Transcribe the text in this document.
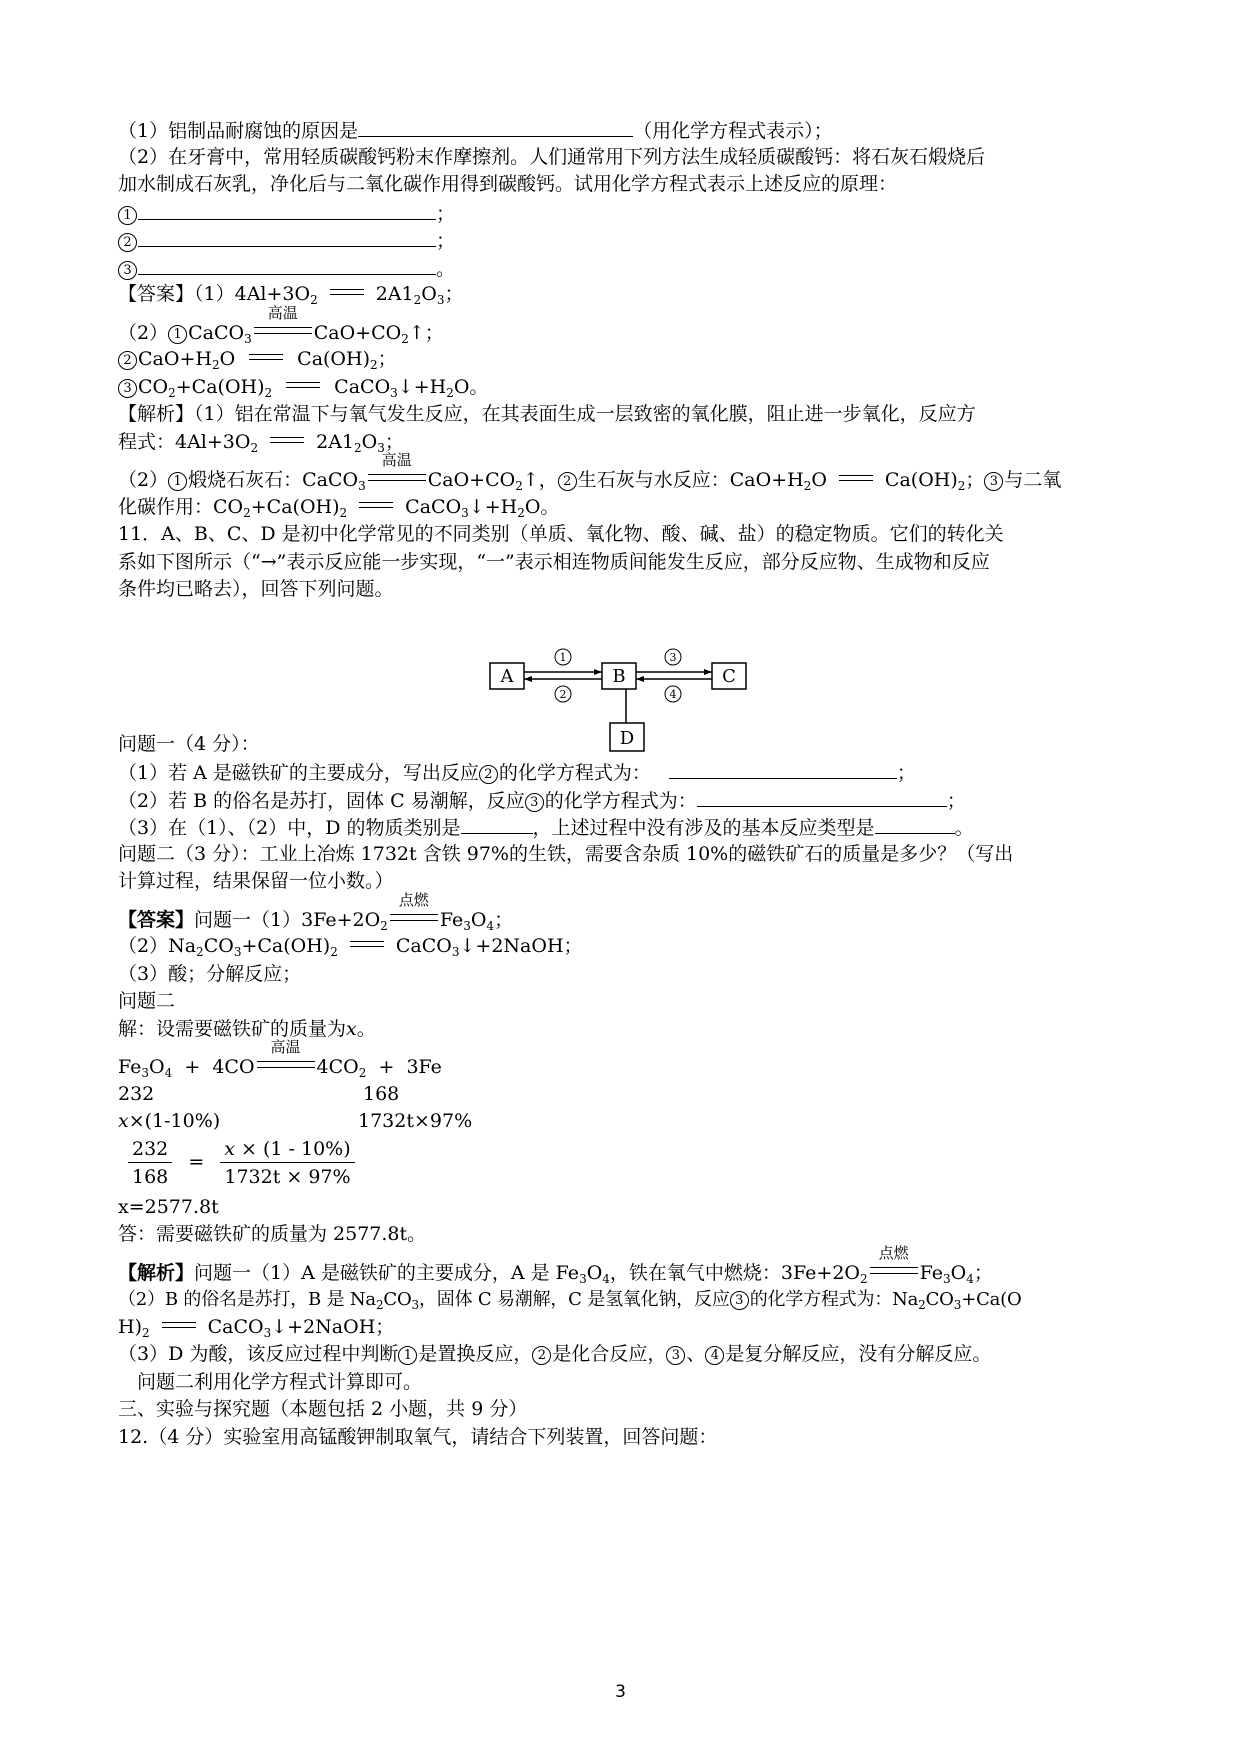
（1）铝制品耐腐蚀的原因是	（用化学方程式表示）；
（2）在牙膏中，常用轻质碳酸钙粉末作摩擦剂。人们通常用下列方法生成轻质碳酸钙：将石灰石煅烧后
加水制成石灰乳，净化后与二氧化碳作用得到碳酸钙。试用化学方程式表示上述反应的原理：
1	；
2	；
3	。
【答案】$(1)4Al+3O_2$	$2A1_2O_3$；
（2） 1 CaCO$_3$
高温
$CaO+CO_2↑$；
2 $CaO+H_2O$	$Ca(OH)_2$；
3 $CO_2+Ca(OH)_2$	$CaCO_3↓+H_2O$。
【解析】（1）铝在常温下与氧气发生反应，在其表面生成一层致密的氧化膜，阻止进一步氧化，反应方
程式：$4Al+3O_2$	$2A1_2O_3$；
（2） 1 煅烧石灰石：CaCO$_3$
高温
$CaO+CO_2↑$， 2 生石灰与水反应：$CaO+H_2O$	$Ca(OH)_2$； 3 与二氧
化碳作用：$CO_2+Ca(OH)_2$	$CaCO_3↓+H_2O$。
11．A、B、C、D 是初中化学常见的不同类别（单质、氧化物、酸、碱、盐）的稳定物质。它们的转化关
系如下图所示（“→”表示反应能一步实现，“一”表示相连物质间能发生反应，部分反应物、生成物和反应
条件均已略去），回答下列问题。
问题一（4 分）：
（1）若 A 是磁铁矿的主要成分，写出反应 2 的化学方程式为：	；
（2）若 B 的俗名是苏打，固体 C 易潮解，反应 3 的化学方程式为：	；
（3）在（1）、（2）中，D 的物质类别是	，上述过程中没有涉及的基本反应类型是	。
问题二（3 分）：工业上冶炼 1732t 含铁 97%的生铁，需要含杂质 10%的磁铁矿石的质量是多少？（写出
计算过程，结果保留一位小数。）
【答案】问题一$(1)3Fe+2O_2$
点燃
$Fe_3O_4$；
$(2)Na_2CO_3+Ca(OH)_2$	CaCO$_3$↓+2NaOH；
（3）酸；分解反应；
问题二
解：设需要磁铁矿的质量为x。
$Fe_3O_4 + 4CO$
高温
$4CO_2 + 3Fe$
232	168
x×(1-10%)	1732t×97%
$\frac{232}{168} = \frac{x \times (1 - 10\%)}{1732t \times 97\%}$
x=2577.8t
答：需要磁铁矿的质量为 2577.8t。
【解析】问题一（1）A 是磁铁矿的主要成分，A 是 $Fe_3O_4$，铁在氧气中燃烧：$3Fe+2O_2$
点燃
$Fe_3O_4$；
（2）B 的俗名是苏打，B 是 $Na_2CO_3$，固体 C 易潮解，C 是氢氧化钠，反应 3 的化学方程式为：$Na_2CO_3+Ca(O$
$H)_2$	CaCO$_3$↓+2NaOH；
（3）D 为酸，该反应过程中判断 1 是置换反应， 2 是化合反应， 3 、 4 是复分解反应，没有分解反应。
　问题二利用化学方程式计算即可。
三、实验与探究题（本题包括 2 小题，共 9 分）
12.（4 分）实验室用高锰酸钾制取氧气，请结合下列装置，回答问题：
1
2
3
4
A	B	C
D
3
